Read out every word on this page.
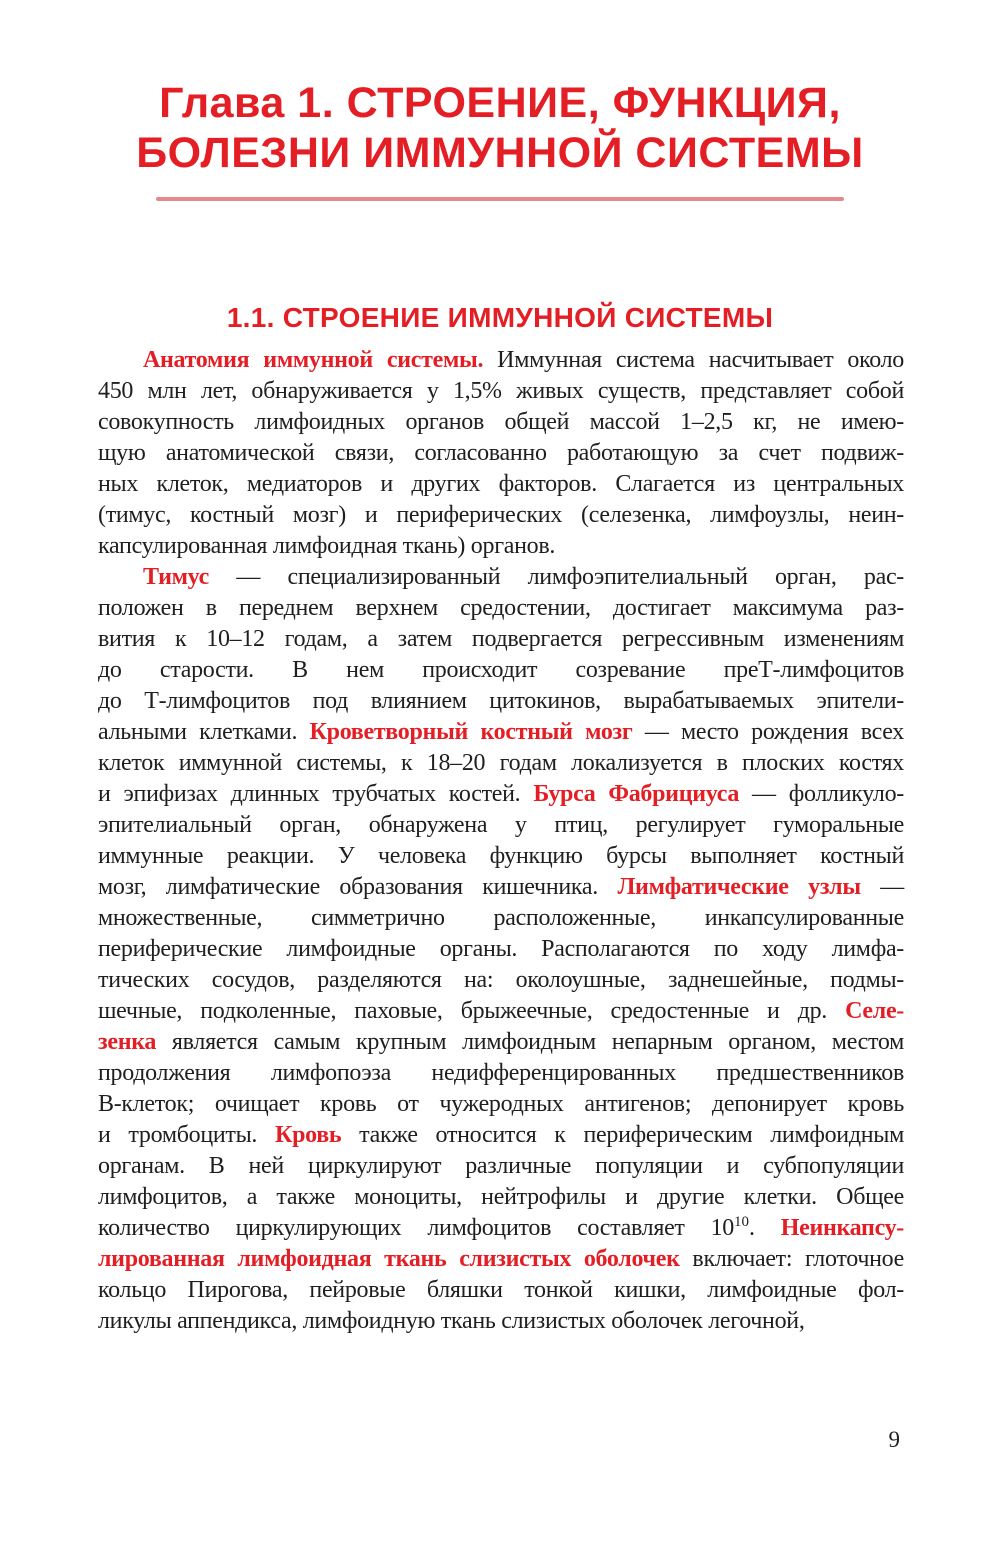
Глава 1. СТРОЕНИЕ, ФУНКЦИЯ,
БОЛЕЗНИ ИММУННОЙ СИСТЕМЫ
1.1. СТРОЕНИЕ ИММУННОЙ СИСТЕМЫ
Анатомия иммунной системы. Иммунная система насчитывает около
450 млн лет, обнаруживается у 1,5% живых существ, представляет собой
совокупность лимфоидных органов общей массой 1–2,5 кг, не имею-
щую анатомической связи, согласованно работающую за счет подвиж-
ных клеток, медиаторов и других факторов. Слагается из центральных
(тимус, костный мозг) и периферических (селезенка, лимфоузлы, неин-
капсулированная лимфоидная ткань) органов.
Тимус — специализированный лимфоэпителиальный орган, рас-
положен в переднем верхнем средостении, достигает максимума раз-
вития к 10–12 годам, а затем подвергается регрессивным изменениям
до старости. В нем происходит созревание преТ-лимфоцитов
до Т-лимфоцитов под влиянием цитокинов, вырабатываемых эпители-
альными клетками. Кроветворный костный мозг — место рождения всех
клеток иммунной системы, к 18–20 годам локализуется в плоских костях
и эпифизах длинных трубчатых костей. Бурса Фабрициуса — фолликуло-
эпителиальный орган, обнаружена у птиц, регулирует гуморальные
иммунные реакции. У человека функцию бурсы выполняет костный
мозг, лимфатические образования кишечника. Лимфатические узлы —
множественные, симметрично расположенные, инкапсулированные
периферические лимфоидные органы. Располагаются по ходу лимфа-
тических сосудов, разделяются на: околоушные, заднешейные, подмы-
шечные, подколенные, паховые, брыжеечные, средостенные и др. Селе-
зенка является самым крупным лимфоидным непарным органом, местом
продолжения лимфопоэза недифференцированных предшественников
В-клеток; очищает кровь от чужеродных антигенов; депонирует кровь
и тромбоциты. Кровь также относится к периферическим лимфоидным
органам. В ней циркулируют различные популяции и субпопуляции
лимфоцитов, а также моноциты, нейтрофилы и другие клетки. Общее
количество циркулирующих лимфоцитов составляет $10^{10}$. Неинкапсу-
лированная лимфоидная ткань слизистых оболочек включает: глоточное
кольцо Пирогова, пейровые бляшки тонкой кишки, лимфоидные фол-
ликулы аппендикса, лимфоидную ткань слизистых оболочек легочной,
9
